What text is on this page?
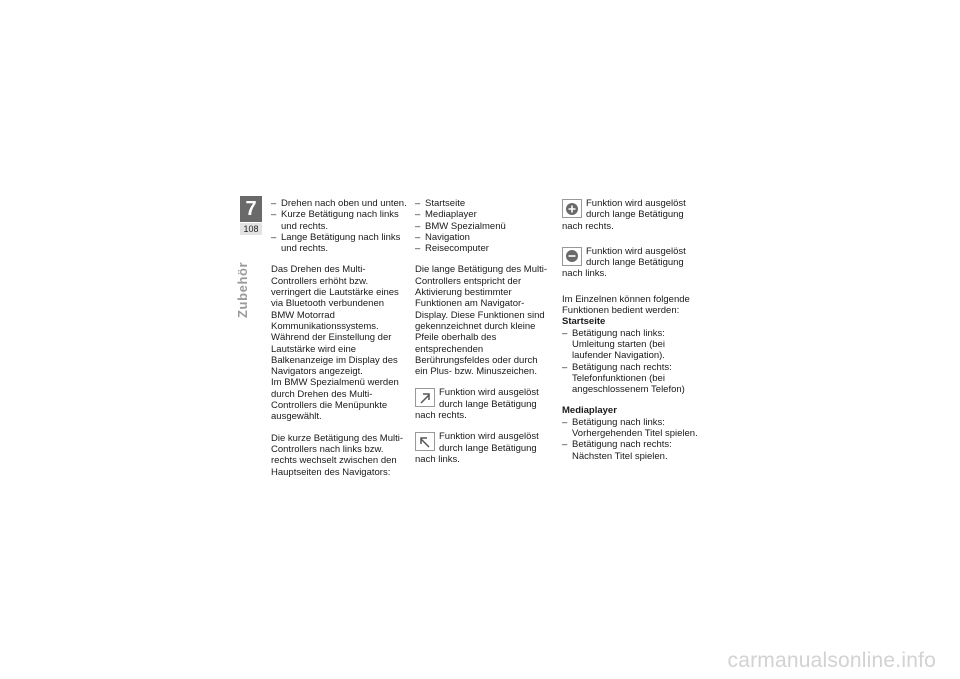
7
108
Zubehör
– Drehen nach oben und unten.
– Kurze Betätigung nach links und rechts.
– Lange Betätigung nach links und rechts.

Das Drehen des Multi-Controllers erhöht bzw. verringert die Lautstärke eines via Bluetooth verbundenen BMW Motorrad Kommunikationssystems. Während der Einstellung der Lautstärke wird eine Balkenanzeige im Display des Navigators angezeigt.

Im BMW Spezialmenü werden durch Drehen des Multi-Controllers die Menüpunkte ausgewählt.

Die kurze Betätigung des Multi-Controllers nach links bzw. rechts wechselt zwischen den Hauptseiten des Navigators:

– Startseite
– Mediaplayer
– BMW Spezialmenü
– Navigation
– Reisecomputer

Die lange Betätigung des Multi-Controllers entspricht der Aktivierung bestimmter Funktionen am Navigator-Display. Diese Funktionen sind gekennzeichnet durch kleine Pfeile oberhalb des entsprechenden Berührungsfeldes oder durch ein Plus- bzw. Minuszeichen.

Funktion wird ausgelöst durch lange Betätigung nach rechts.
Funktion wird ausgelöst durch lange Betätigung nach links.
Funktion wird ausgelöst durch lange Betätigung nach rechts.
Funktion wird ausgelöst durch lange Betätigung nach links.

Im Einzelnen können folgende Funktionen bedient werden:

Startseite
– Betätigung nach links: Umleitung starten (bei laufender Navigation).
– Betätigung nach rechts: Telefonfunktionen (bei angeschlossenem Telefon)
Mediaplayer
– Betätigung nach links: Vorhergehenden Titel spielen.
– Betätigung nach rechts: Nächsten Titel spielen.
carmanualsonline.info
